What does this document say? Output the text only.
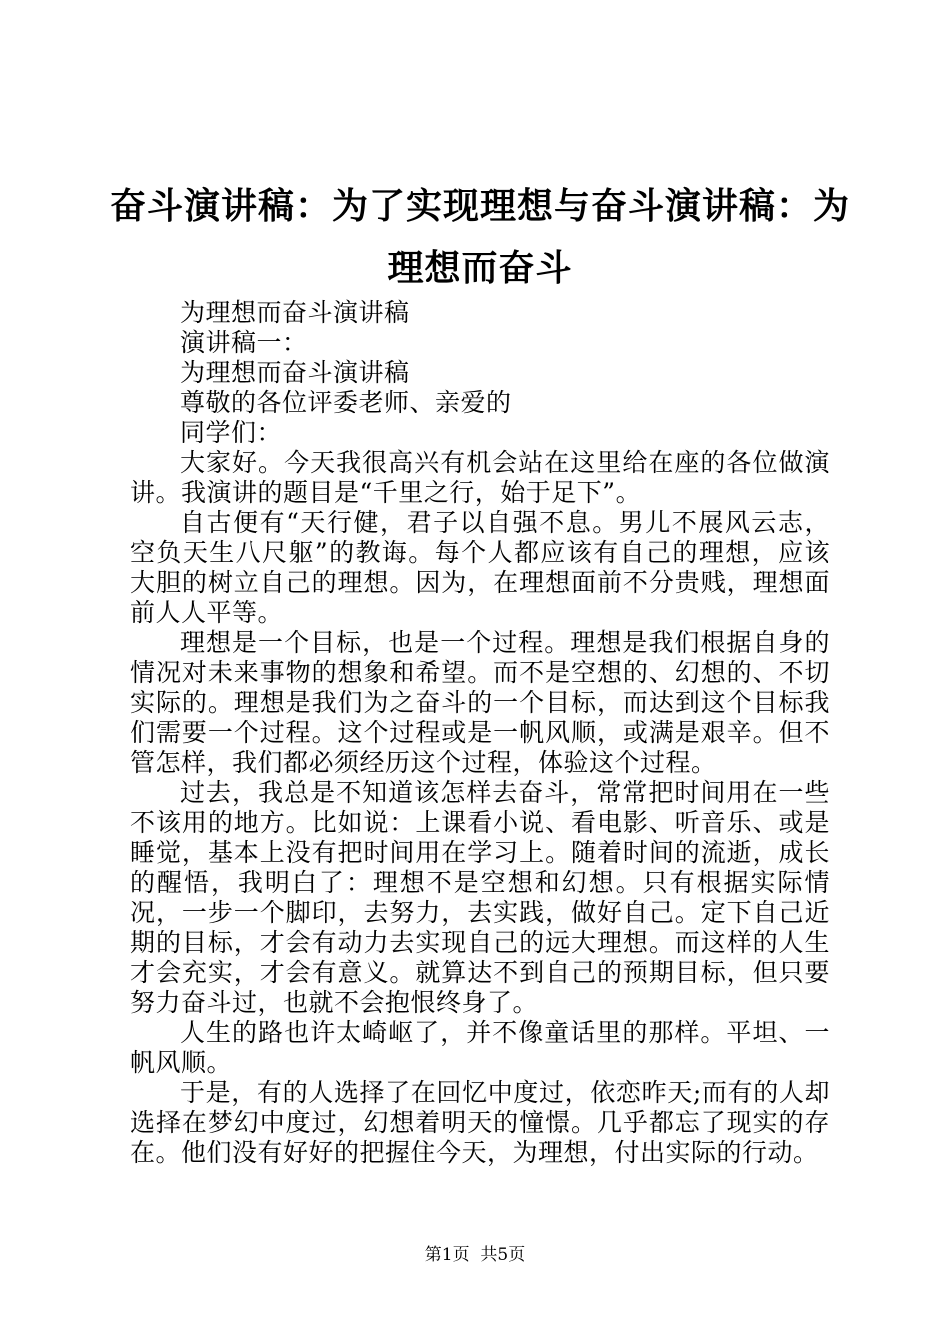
奋斗演讲稿：为了实现理想与奋斗演讲稿：为理想而奋斗

为理想而奋斗演讲稿

演讲稿一：

为理想而奋斗演讲稿

尊敬的各位评委老师、亲爱的

同学们：

大家好。今天我很高兴有机会站在这里给在座的各位做演讲。我演讲的题目是“千里之行，始于足下”。

自古便有“天行健，君子以自强不息。男儿不展风云志，空负天生八尺躯”的教诲。每个人都应该有自己的理想，应该大胆的树立自己的理想。因为，在理想面前不分贵贱，理想面前人人平等。

理想是一个目标，也是一个过程。理想是我们根据自身的情况对未来事物的想象和希望。而不是空想的、幻想的、不切实际的。理想是我们为之奋斗的一个目标，而达到这个目标我们需要一个过程。这个过程或是一帆风顺，或满是艰辛。但不管怎样，我们都必须经历这个过程，体验这个过程。

过去，我总是不知道该怎样去奋斗，常常把时间用在一些不该用的地方。比如说：上课看小说、看电影、听音乐、或是睡觉，基本上没有把时间用在学习上。随着时间的流逝，成长的醒悟，我明白了：理想不是空想和幻想。只有根据实际情况，一步一个脚印，去努力，去实践，做好自己。定下自己近期的目标，才会有动力去实现自己的远大理想。而这样的人生才会充实，才会有意义。就算达不到自己的预期目标，但只要努力奋斗过，也就不会抱恨终身了。

人生的路也许太崎岖了，并不像童话里的那样。平坦、一帆风顺。

于是，有的人选择了在回忆中度过，依恋昨天;而有的人却选择在梦幻中度过，幻想着明天的憧憬。几乎都忘了现实的存在。他们没有好好的把握住今天，为理想，付出实际的行动。

第1页 共5页
